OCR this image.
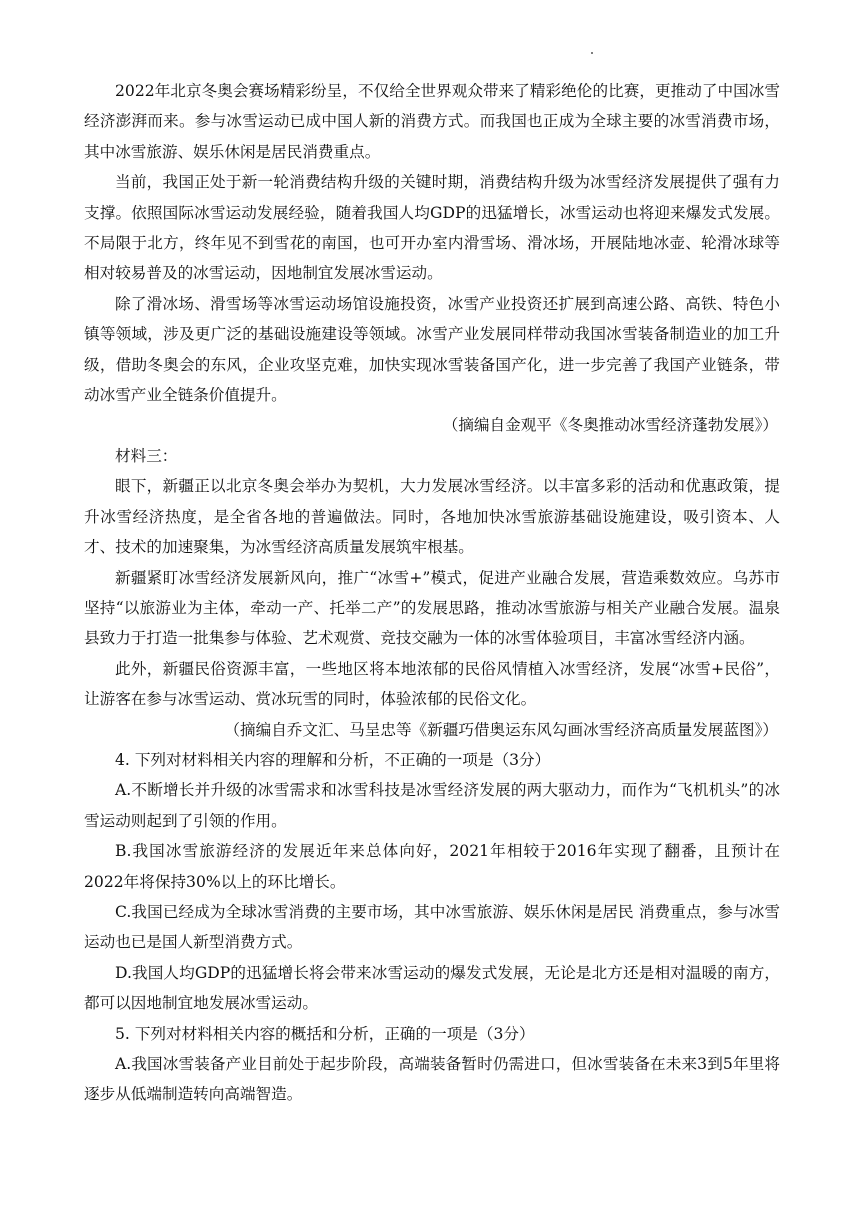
2022年北京冬奥会赛场精彩纷呈，不仅给全世界观众带来了精彩绝伦的比赛，更推动了中国冰雪经济澎湃而来。参与冰雪运动已成中国人新的消费方式。而我国也正成为全球主要的冰雪消费市场，其中冰雪旅游、娱乐休闲是居民消费重点。

当前，我国正处于新一轮消费结构升级的关键时期，消费结构升级为冰雪经济发展提供了强有力支撑。依照国际冰雪运动发展经验，随着我国人均GDP的迅猛增长，冰雪运动也将迎来爆发式发展。不局限于北方，终年见不到雪花的南国，也可开办室内滑雪场、滑冰场，开展陆地冰壶、轮滑冰球等相对较易普及的冰雪运动，因地制宜发展冰雪运动。

除了滑冰场、滑雪场等冰雪运动场馆设施投资，冰雪产业投资还扩展到高速公路、高铁、特色小镇等领域，涉及更广泛的基础设施建设等领域。冰雪产业发展同样带动我国冰雪装备制造业的加工升级，借助冬奥会的东风，企业攻坚克难，加快实现冰雪装备国产化，进一步完善了我国产业链条，带动冰雪产业全链条价值提升。

（摘编自金观平《冬奥推动冰雪经济蓬勃发展》）

材料三：

眼下，新疆正以北京冬奥会举办为契机，大力发展冰雪经济。以丰富多彩的活动和优惠政策，提升冰雪经济热度，是全省各地的普遍做法。同时，各地加快冰雪旅游基础设施建设，吸引资本、人才、技术的加速聚集，为冰雪经济高质量发展筑牢根基。

新疆紧盯冰雪经济发展新风向，推广“冰雪+”模式，促进产业融合发展，营造乘数效应。乌苏市坚持“以旅游业为主体，牵动一产、托举二产”的发展思路，推动冰雪旅游与相关产业融合发展。温泉县致力于打造一批集参与体验、艺术观赏、竞技交融为一体的冰雪体验项目，丰富冰雪经济内涵。

此外，新疆民俗资源丰富，一些地区将本地浓郁的民俗风情植入冰雪经济，发展“冰雪+民俗”，让游客在参与冰雪运动、赏冰玩雪的同时，体验浓郁的民俗文化。

（摘编自乔文汇、马呈忠等《新疆巧借奥运东风勾画冰雪经济高质量发展蓝图》）

4. 下列对材料相关内容的理解和分析，不正确的一项是（3分）

A.不断增长并升级的冰雪需求和冰雪科技是冰雪经济发展的两大驱动力，而作为“飞机机头”的冰雪运动则起到了引领的作用。

B.我国冰雪旅游经济的发展近年来总体向好，2021年相较于2016年实现了翻番，且预计在2022年将保持30%以上的环比增长。

C.我国已经成为全球冰雪消费的主要市场，其中冰雪旅游、娱乐休闲是居民 消费重点，参与冰雪运动也已是国人新型消费方式。

D.我国人均GDP的迅猛增长将会带来冰雪运动的爆发式发展，无论是北方还是相对温暖的南方，都可以因地制宜地发展冰雪运动。

5. 下列对材料相关内容的概括和分析，正确的一项是（3分）

A.我国冰雪装备产业目前处于起步阶段，高端装备暂时仍需进口，但冰雪装备在未来3到5年里将逐步从低端制造转向高端智造。
